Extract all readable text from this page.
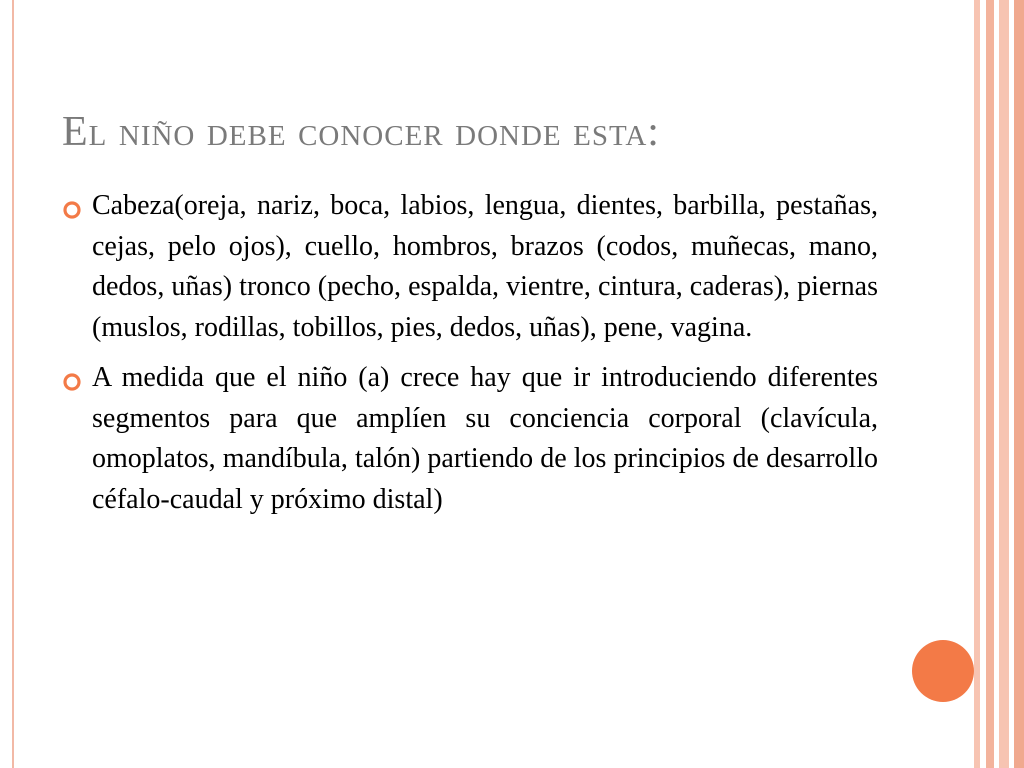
El niño debe conocer donde esta:
Cabeza(oreja, nariz, boca, labios, lengua, dientes, barbilla, pestañas, cejas, pelo ojos), cuello, hombros, brazos (codos, muñecas, mano, dedos, uñas) tronco (pecho, espalda, vientre, cintura, caderas), piernas (muslos, rodillas, tobillos, pies, dedos, uñas), pene, vagina.
A medida que el niño (a) crece hay que ir introduciendo diferentes segmentos para que amplíen su conciencia corporal (clavícula, omoplatos, mandíbula, talón) partiendo de los principios de desarrollo céfalo-caudal y próximo distal)
